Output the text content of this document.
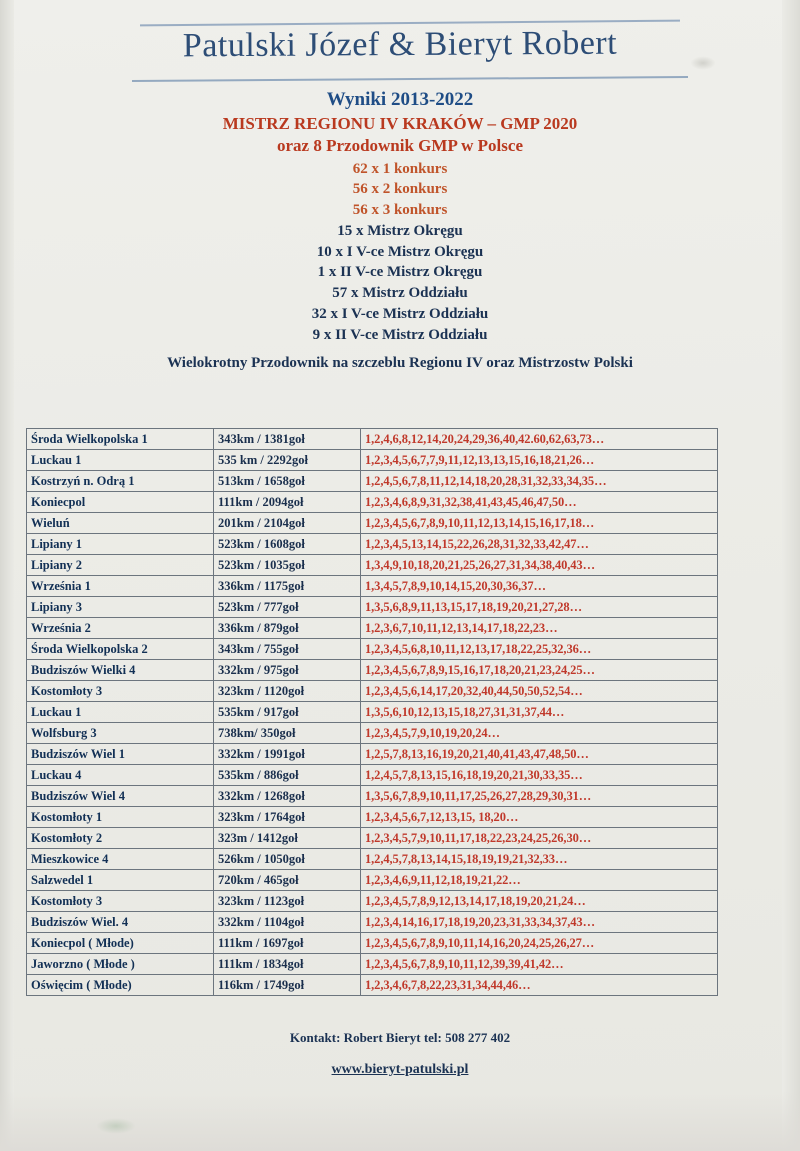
Patulski Józef & Bieryt Robert
Wyniki 2013-2022
MISTRZ REGIONU IV KRAKÓW – GMP 2020
oraz 8 Przodownik GMP w Polsce
62 x 1 konkurs
56 x 2 konkurs
56 x 3 konkurs
15 x Mistrz Okręgu
10 x I V-ce Mistrz Okręgu
1 x II V-ce Mistrz Okręgu
57 x Mistrz Oddziału
32 x I V-ce Mistrz Oddziału
9 x II V-ce Mistrz Oddziału
Wielokrotny Przodownik na szczeblu Regionu IV oraz Mistrzostw Polski
Środa Wielkopolska 1	343km / 1381goł	1,2,4,6,8,12,14,20,24,29,36,40,42.60,62,63,73…
Luckau 1	535 km / 2292goł	1,2,3,4,5,6,7,7,9,11,12,13,13,15,16,18,21,26…
Kostrzyń n. Odrą 1	513km / 1658goł	1,2,4,5,6,7,8,11,12,14,18,20,28,31,32,33,34,35…
Koniecpol	111km / 2094goł	1,2,3,4,6,8,9,31,32,38,41,43,45,46,47,50…
Wieluń	201km / 2104goł	1,2,3,4,5,6,7,8,9,10,11,12,13,14,15,16,17,18…
Lipiany 1	523km / 1608goł	1,2,3,4,5,13,14,15,22,26,28,31,32,33,42,47…
Lipiany 2	523km / 1035goł	1,3,4,9,10,18,20,21,25,26,27,31,34,38,40,43…
Września 1	336km / 1175goł	1,3,4,5,7,8,9,10,14,15,20,30,36,37…
Lipiany 3	523km / 777goł	1,3,5,6,8,9,11,13,15,17,18,19,20,21,27,28…
Września 2	336km / 879goł	1,2,3,6,7,10,11,12,13,14,17,18,22,23…
Środa Wielkopolska 2	343km / 755goł	1,2,3,4,5,6,8,10,11,12,13,17,18,22,25,32,36…
Budziszów Wielki 4	332km / 975goł	1,2,3,4,5,6,7,8,9,15,16,17,18,20,21,23,24,25…
Kostomłoty 3	323km / 1120goł	1,2,3,4,5,6,14,17,20,32,40,44,50,50,52,54…
Luckau 1	535km / 917goł	1,3,5,6,10,12,13,15,18,27,31,31,37,44…
Wolfsburg 3	738km/ 350goł	1,2,3,4,5,7,9,10,19,20,24…
Budziszów Wiel 1	332km / 1991goł	1,2,5,7,8,13,16,19,20,21,40,41,43,47,48,50…
Luckau 4	535km / 886goł	1,2,4,5,7,8,13,15,16,18,19,20,21,30,33,35…
Budziszów Wiel 4	332km / 1268goł	1,3,5,6,7,8,9,10,11,17,25,26,27,28,29,30,31…
Kostomłoty 1	323km / 1764goł	1,2,3,4,5,6,7,12,13,15, 18,20…
Kostomłoty 2	323m / 1412goł	1,2,3,4,5,7,9,10,11,17,18,22,23,24,25,26,30…
Mieszkowice 4	526km / 1050goł	1,2,4,5,7,8,13,14,15,18,19,19,21,32,33…
Salzwedel 1	720km / 465goł	1,2,3,4,6,9,11,12,18,19,21,22…
Kostomłoty 3	323km / 1123goł	1,2,3,4,5,7,8,9,12,13,14,17,18,19,20,21,24…
Budziszów Wiel. 4	332km / 1104goł	1,2,3,4,14,16,17,18,19,20,23,31,33,34,37,43…
Koniecpol ( Młode)	111km / 1697goł	1,2,3,4,5,6,7,8,9,10,11,14,16,20,24,25,26,27…
Jaworzno ( Młode )	111km / 1834goł	1,2,3,4,5,6,7,8,9,10,11,12,39,39,41,42…
Oświęcim ( Młode)	116km / 1749goł	1,2,3,4,6,7,8,22,23,31,34,44,46…
Kontakt: Robert Bieryt tel: 508 277 402
www.bieryt-patulski.pl
